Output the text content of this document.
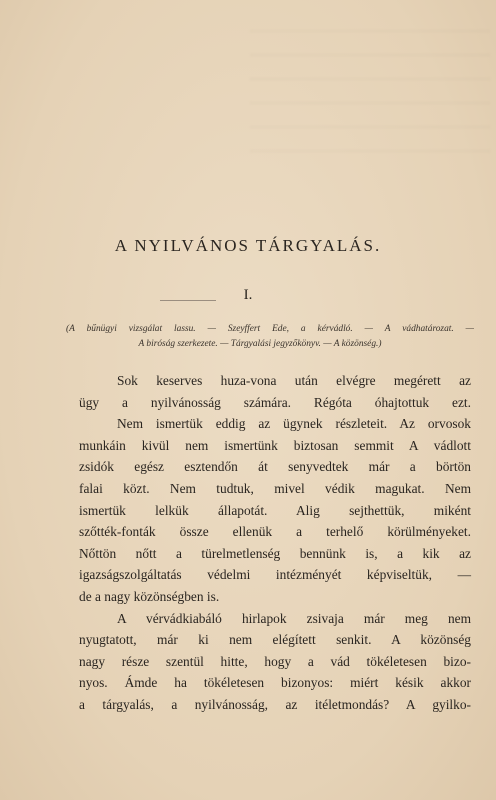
A NYILVÁNOS TÁRGYALÁS.
I.
(A bűnügyi vizsgálat lassu. — Szeyffert Ede, a kérvádló. — A vádhatározat. —
A biróság szerkezete. — Tárgyalási jegyzőkönyv. — A közönség.)
Sok keserves huza-vona után elvégre megérett az
ügy a nyilvánosság számára. Régóta óhajtottuk ezt.
Nem ismertük eddig az ügynek részleteit. Az orvosok
munkáin kivül nem ismertünk biztosan semmit A vádlott
zsidók egész esztendőn át senyvedtek már a börtön
falai közt. Nem tudtuk, mivel védik magukat. Nem
ismertük lelkük állapotát. Alig sejthettük, miként
szőtték-fonták össze ellenük a terhelő körülményeket.
Nőttön nőtt a türelmetlenség bennünk is, a kik az
igazságszolgáltatás védelmi intézményét képviseltük, —
de a nagy közönségben is.
A vérvádkiabáló hirlapok zsivaja már meg nem
nyugtatott, már ki nem elégített senkit. A közönség
nagy része szentül hitte, hogy a vád tökéletesen bizo-
nyos. Ámde ha tökéletesen bizonyos: miért késik akkor
a tárgyalás, a nyilvánosság, az itéletmondás? A gyilko-
